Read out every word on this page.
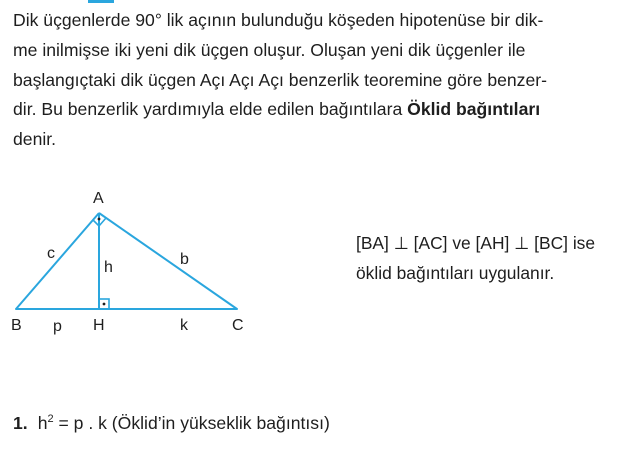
Dik üçgenlerde 90° lik açının bulunduğu köşeden hipotenüse bir dik-
me inilmişse iki yeni dik üçgen oluşur. Oluşan yeni dik üçgenler ile
başlangıçtaki dik üçgen Açı Açı Açı benzerlik teoremine göre benzer-
dir. Bu benzerlik yardımıyla elde edilen bağıntılara Öklid bağıntıları
denir.

A
B	H	C
c	b
h
p	k
[BA] ⊥ [AC] ve [AH] ⊥ [BC] ise
öklid bağıntıları uygulanır.
1. $h^2 = p$ . k (Öklid’in yükseklik bağıntısı)
